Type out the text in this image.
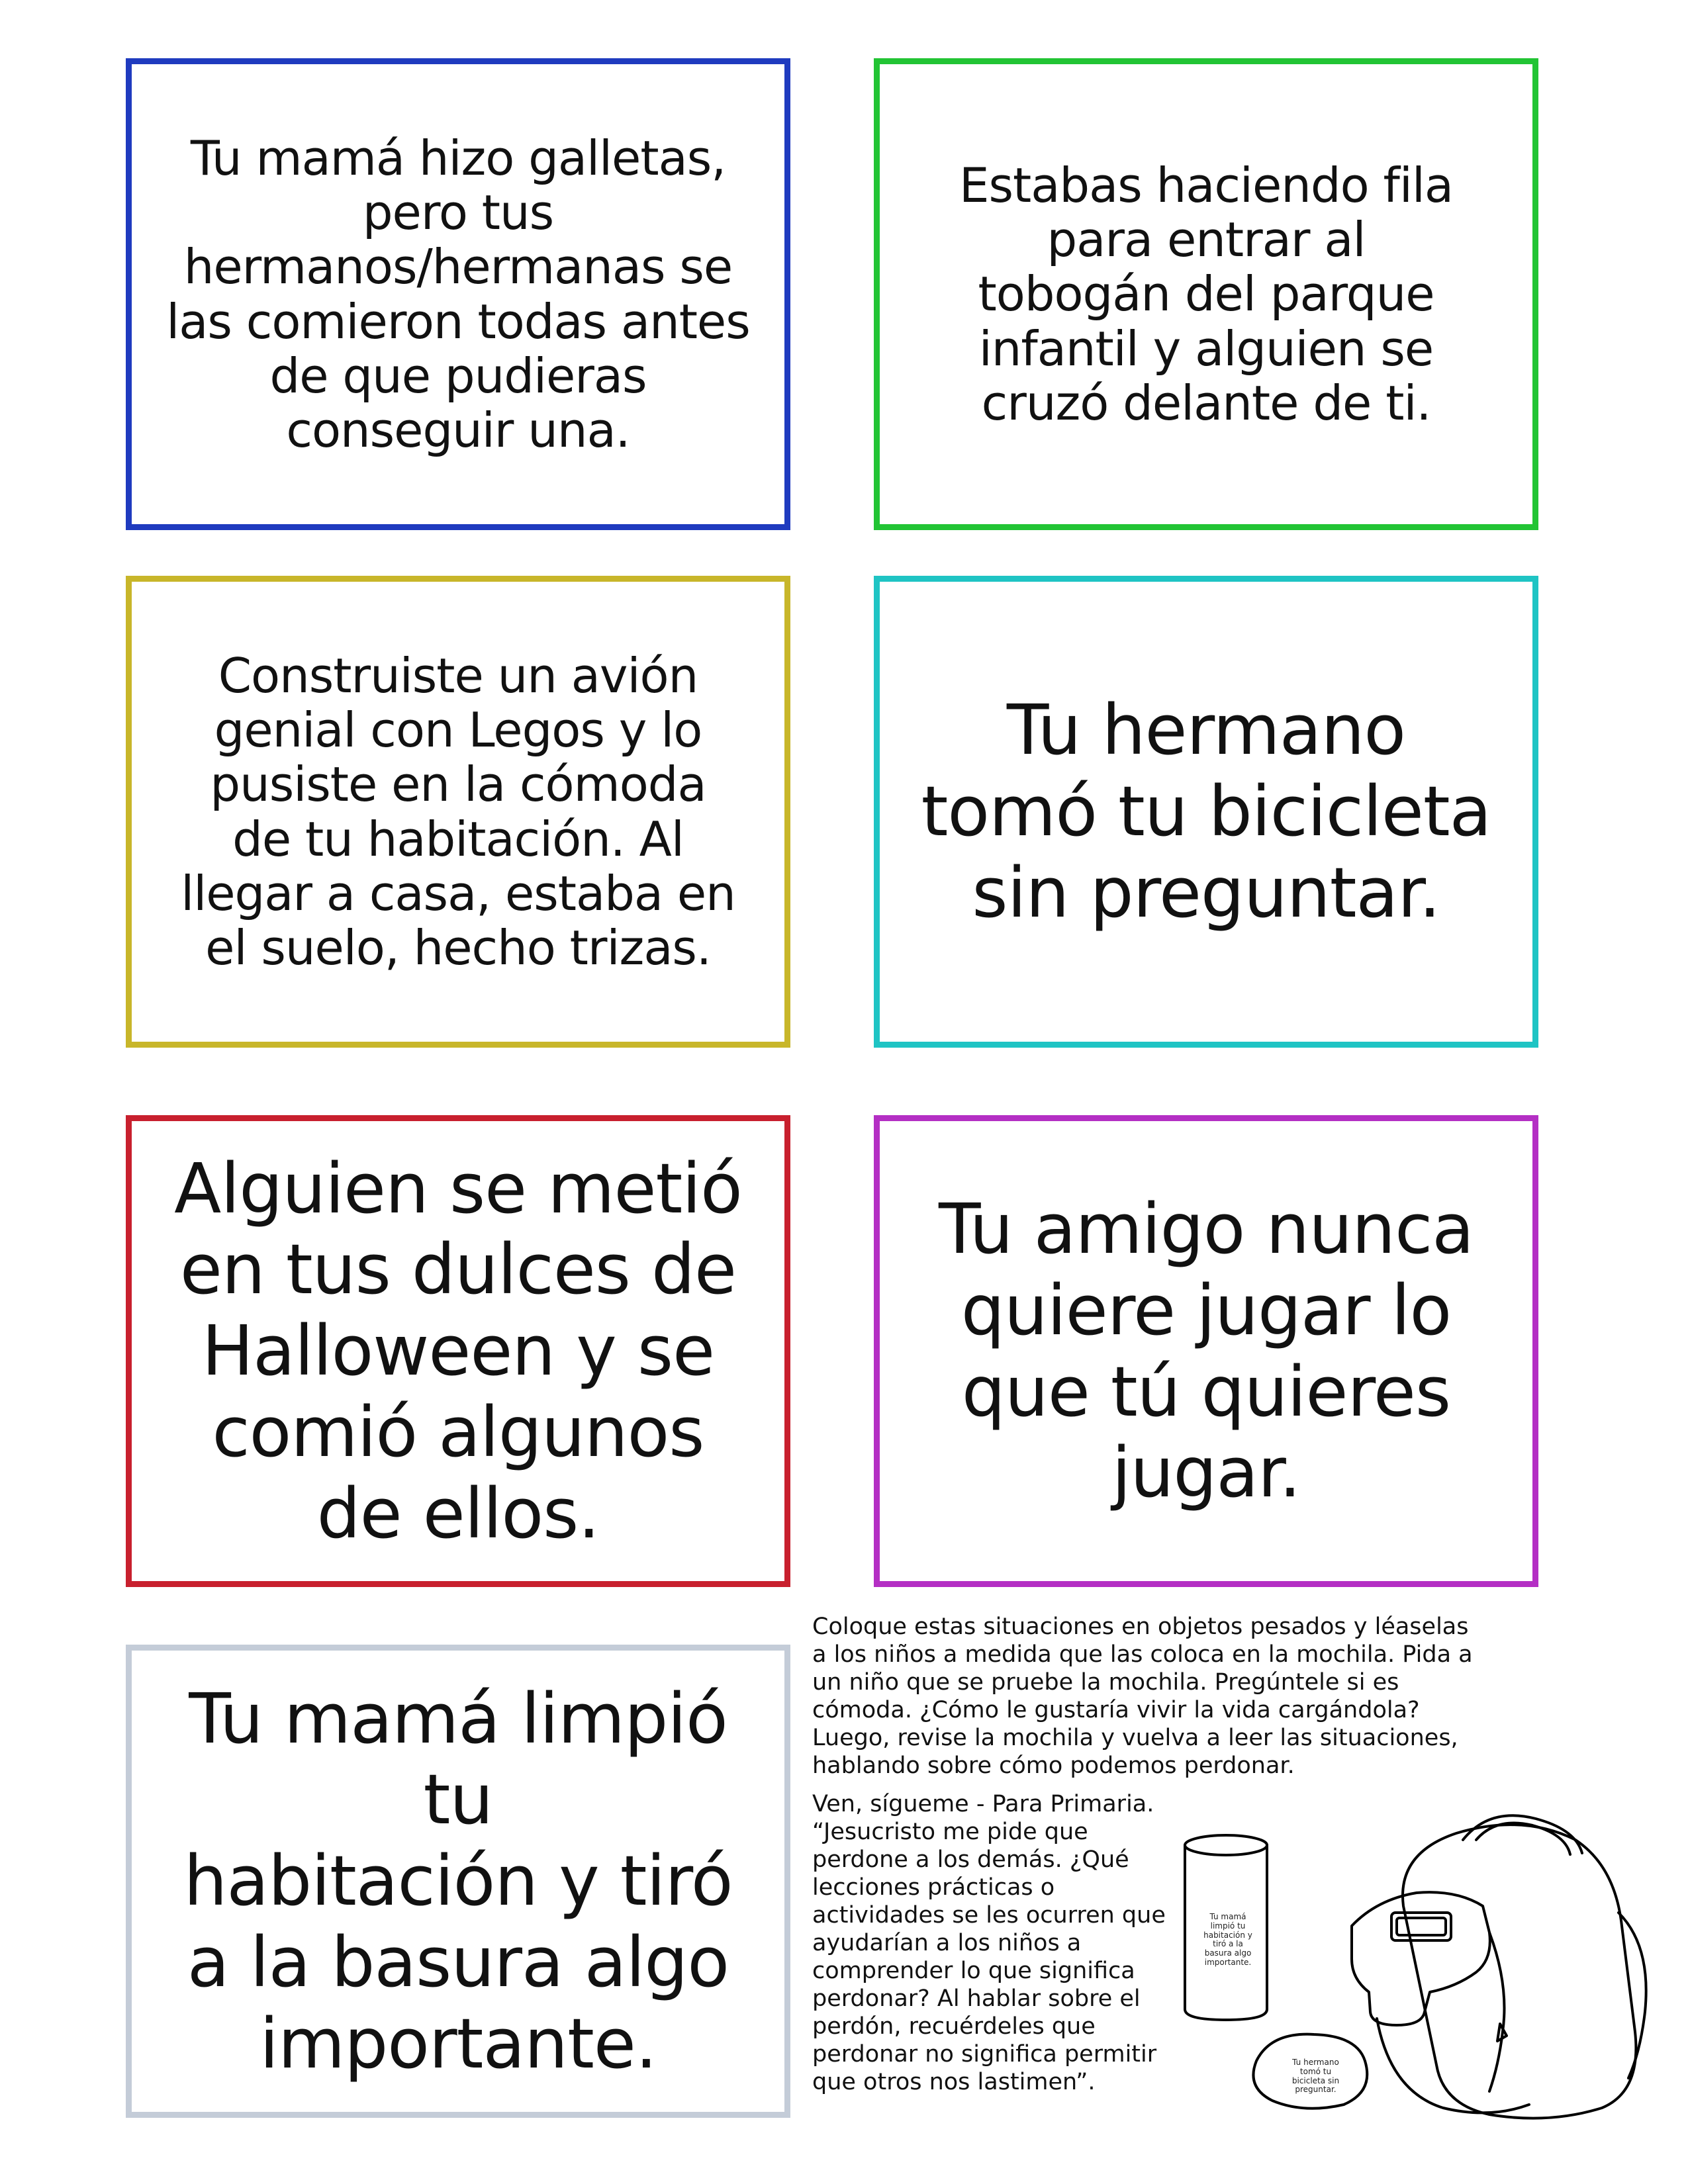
Tu mamá hizo galletas,
pero tus
hermanos/hermanas se
las comieron todas antes
de que pudieras
conseguir una.

Estabas haciendo fila
para entrar al
tobogán del parque
infantil y alguien se
cruzó delante de ti.

Construiste un avión
genial con Legos y lo
pusiste en la cómoda
de tu habitación. Al
llegar a casa, estaba en
el suelo, hecho trizas.

Tu hermano
tomó tu bicicleta
sin preguntar.

Alguien se metió
en tus dulces de
Halloween y se
comió algunos
de ellos.

Tu amigo nunca
quiere jugar lo
que tú quieres
jugar.

Tu mamá limpió tu
habitación y tiró
a la basura algo
importante.

Coloque estas situaciones en objetos pesados y léaselas a los niños a medida que las coloca en la mochila. Pida a un niño que se pruebe la mochila. Pregúntele si es cómoda. ¿Cómo le gustaría vivir la vida cargándola? Luego, revise la mochila y vuelva a leer las situaciones, hablando sobre cómo podemos perdonar.

Ven, sígueme - Para Primaria. “Jesucristo me pide que perdone a los demás. ¿Qué lecciones prácticas o actividades se les ocurren que ayudarían a los niños a comprender lo que significa perdonar? Al hablar sobre el perdón, recuérdeles que perdonar no significa permitir que otros nos lastimen”.

Tu mamá limpió tu habitación y tiró a la basura algo importante.
Tu hermano tomó tu bicicleta sin preguntar.
